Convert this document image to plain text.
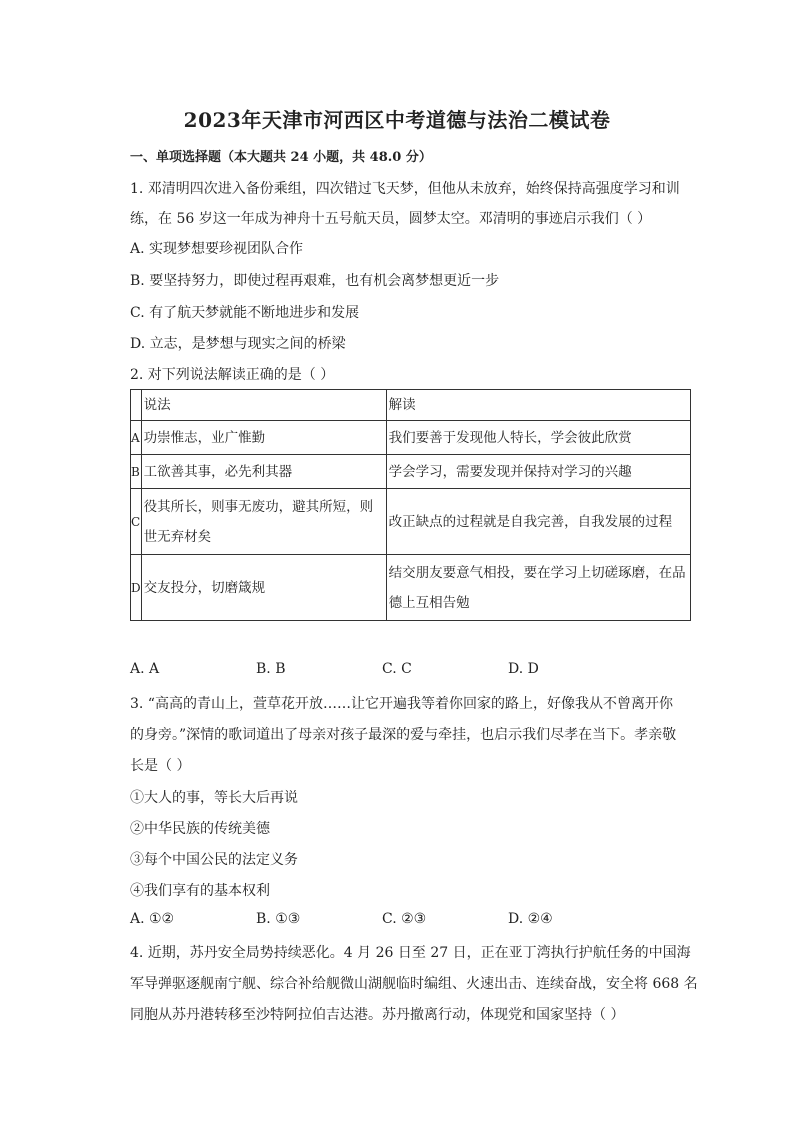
2023年天津市河西区中考道德与法治二模试卷
一、单项选择题（本大题共 24 小题，共 48.0 分）
1. 邓清明四次进入备份乘组，四次错过飞天梦，但他从未放弃，始终保持高强度学习和训
练，在 56 岁这一年成为神舟十五号航天员，圆梦太空。邓清明的事迹启示我们（ ）
A. 实现梦想要珍视团队合作
B. 要坚持努力，即使过程再艰难，也有机会离梦想更近一步
C. 有了航天梦就能不断地进步和发展
D. 立志，是梦想与现实之间的桥梁
2. 对下列说法解读正确的是（ ）
	说法	解读
A	功崇惟志，业广惟勤	我们要善于发现他人特长，学会彼此欣赏
B	工欲善其事，必先利其器	学会学习，需要发现并保持对学习的兴趣
C	役其所长，则事无废功，避其所短，则世无弃材矣	改正缺点的过程就是自我完善，自我发展的过程
D	交友投分，切磨箴规	结交朋友要意气相投，要在学习上切磋琢磨，在品德上互相告勉
A. A	B. B	C. C	D. D
3. “高高的青山上，萱草花开放……让它开遍我等着你回家的路上，好像我从不曾离开你
的身旁。”深情的歌词道出了母亲对孩子最深的爱与牵挂，也启示我们尽孝在当下。孝亲敬
长是（ ）
①大人的事，等长大后再说
②中华民族的传统美德
③每个中国公民的法定义务
④我们享有的基本权利
A. ①②	B. ①③	C. ②③	D. ②④
4. 近期，苏丹安全局势持续恶化。4 月 26 日至 27 日，正在亚丁湾执行护航任务的中国海
军导弹驱逐舰南宁舰、综合补给舰微山湖舰临时编组、火速出击、连续奋战，安全将 668 名
同胞从苏丹港转移至沙特阿拉伯吉达港。苏丹撤离行动，体现党和国家坚持（ ）
